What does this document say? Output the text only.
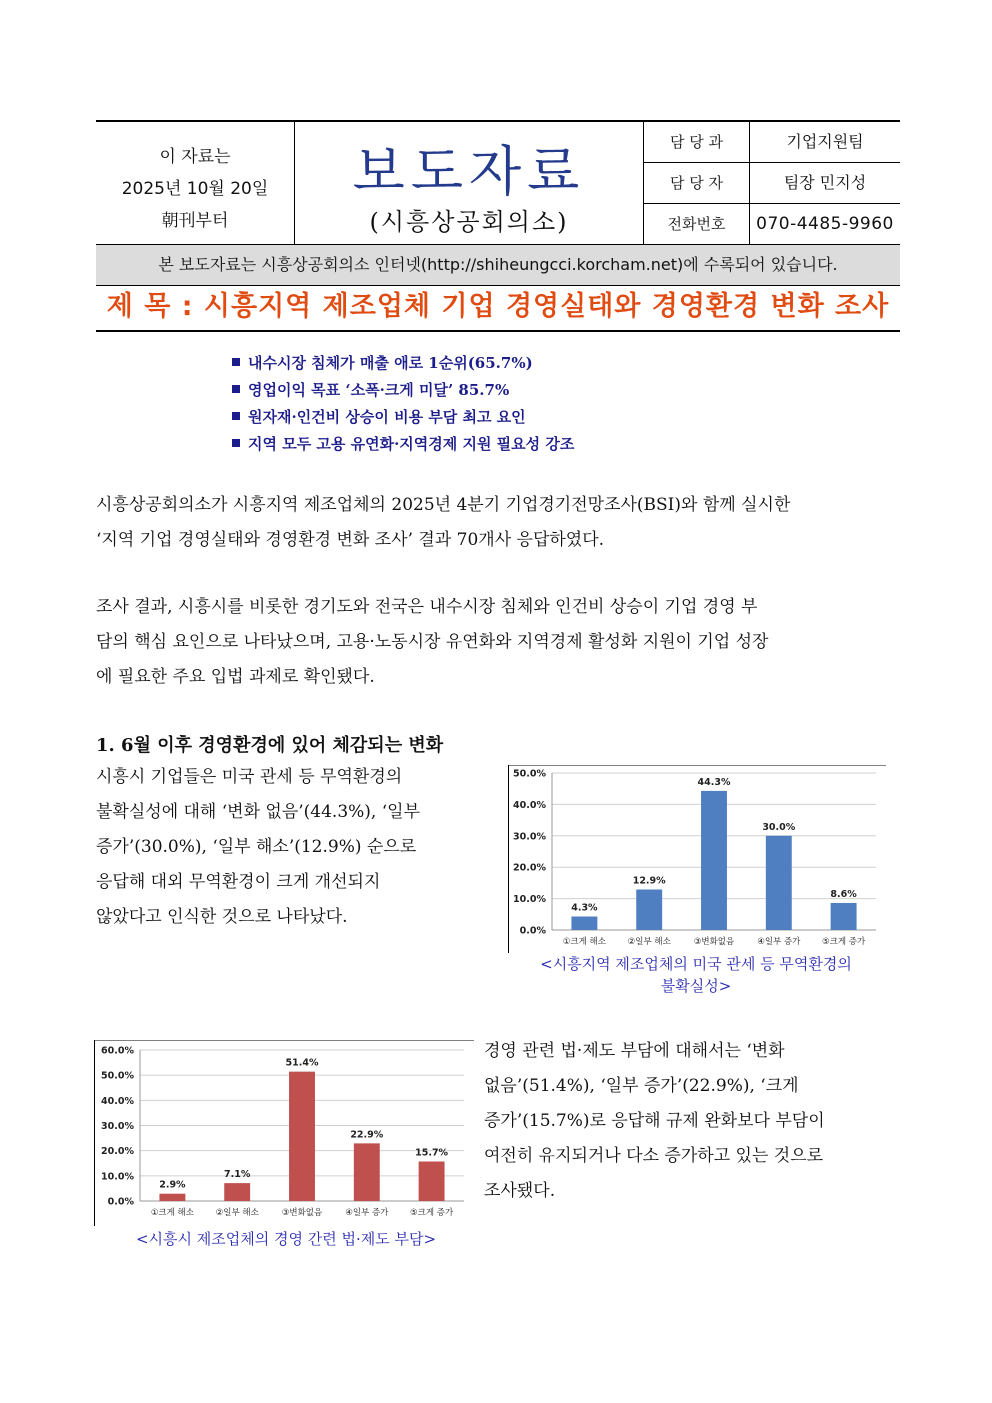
이 자료는
2025년 10월 20일
朝刊부터
보도자료
(시흥상공회의소)
담 당 과	기업지원팀
담 당 자	팀장 민지성
전화번호	070-4485-9960
본 보도자료는 시흥상공회의소 인터넷(http://shiheungcci.korcham.net)에 수록되어 있습니다.
제 목 : 시흥지역 제조업체 기업 경영실태와 경영환경 변화 조사
내수시장 침체가 매출 애로 1순위(65.7%)
영업이익 목표 ‘소폭·크게 미달’ 85.7%
원자재·인건비 상승이 비용 부담 최고 요인
지역 모두 고용 유연화·지역경제 지원 필요성 강조
시흥상공회의소가 시흥지역 제조업체의 2025년 4분기 기업경기전망조사(BSI)와 함께 실시한
‘지역 기업 경영실태와 경영환경 변화 조사’ 결과 70개사 응답하였다.
조사 결과, 시흥시를 비롯한 경기도와 전국은 내수시장 침체와 인건비 상승이 기업 경영 부
담의 핵심 요인으로 나타났으며, 고용·노동시장 유연화와 지역경제 활성화 지원이 기업 성장
에 필요한 주요 입법 과제로 확인됐다.
1. 6월 이후 경영환경에 있어 체감되는 변화
시흥시 기업들은 미국 관세 등 무역환경의
불확실성에 대해 ‘변화 없음’(44.3%), ‘일부
증가’(30.0%), ‘일부 해소’(12.9%) 순으로
응답해 대외 무역환경이 크게 개선되지
않았다고 인식한 것으로 나타났다.
0.0%
10.0%
20.0%
30.0%
40.0%
50.0%
4.3%
①크게 해소
12.9%
②일부 해소
44.3%
③변화없음
30.0%
④일부 증가
8.6%
⑤크게 증가
<시흥지역 제조업체의 미국 관세 등 무역환경의
불확실성>
0.0%
10.0%
20.0%
30.0%
40.0%
50.0%
60.0%
2.9%
①크게 해소
7.1%
②일부 해소
51.4%
③변화없음
22.9%
④일부 증가
15.7%
⑤크게 증가
<시흥시 제조업체의 경영 간련 법·제도 부담>
경영 관련 법·제도 부담에 대해서는 ‘변화
없음’(51.4%), ‘일부 증가’(22.9%), ‘크게
증가’(15.7%)로 응답해 규제 완화보다 부담이
여전히 유지되거나 다소 증가하고 있는 것으로
조사됐다.
